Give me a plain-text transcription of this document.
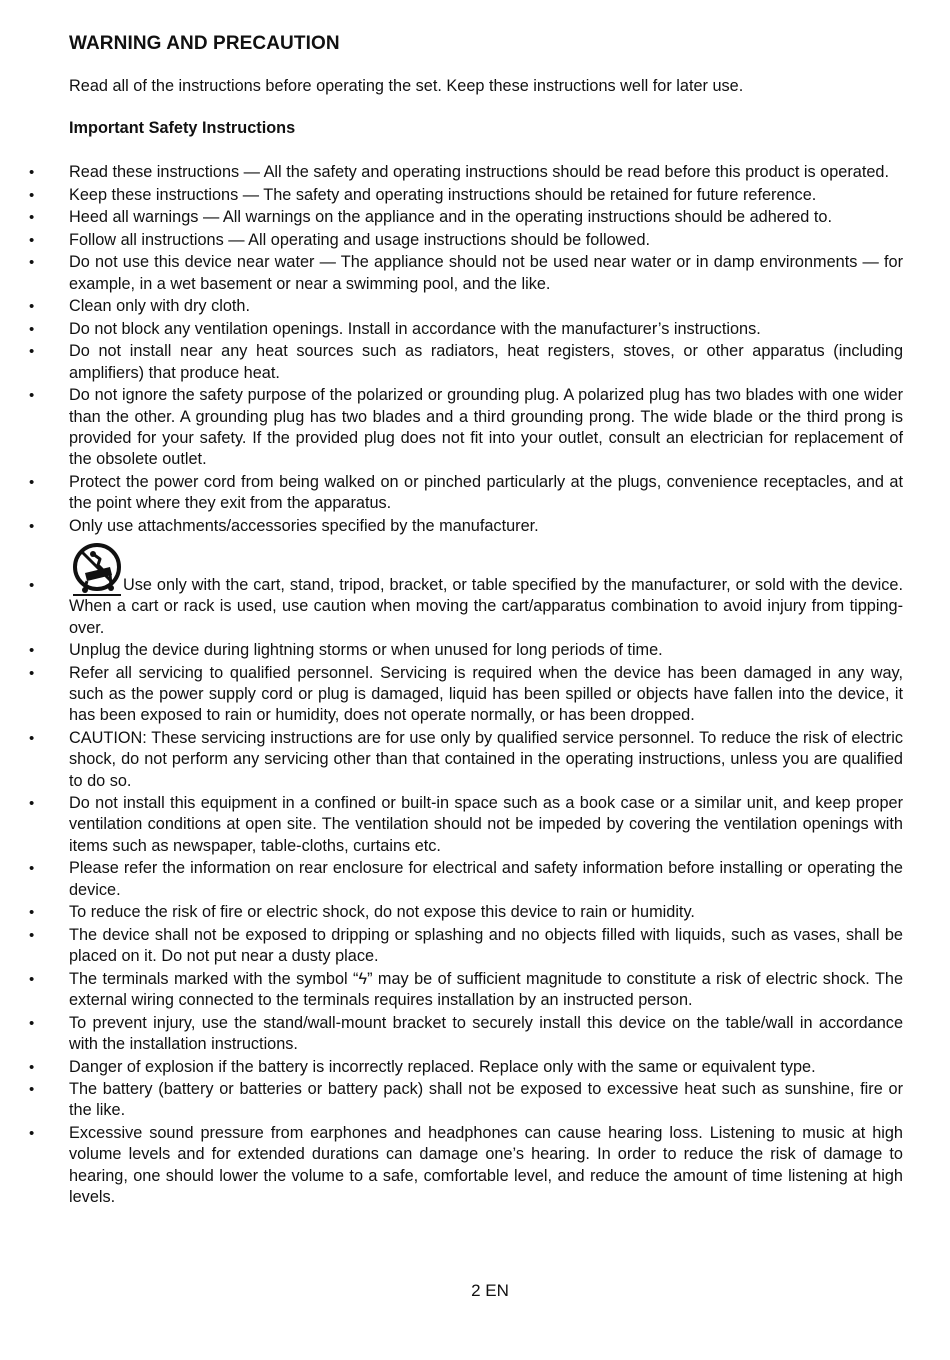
WARNING AND PRECAUTION

Read all of the instructions before operating the set. Keep these instructions well for later use.

Important Safety Instructions

• Read these instructions — All the safety and operating instructions should be read before this product is operated.
• Keep these instructions — The safety and operating instructions should be retained for future reference.
• Heed all warnings — All warnings on the appliance and in the operating instructions should be adhered to.
• Follow all instructions — All operating and usage instructions should be followed.
• Do not use this device near water — The appliance should not be used near water or in damp environments — for example, in a wet basement or near a swimming pool, and the like.
• Clean only with dry cloth.
• Do not block any ventilation openings. Install in accordance with the manufacturer’s instructions.
• Do not install near any heat sources such as radiators, heat registers, stoves, or other apparatus (including amplifiers) that produce heat.
• Do not ignore the safety purpose of the polarized or grounding plug. A polarized plug has two blades with one wider than the other. A grounding plug has two blades and a third grounding prong. The wide blade or the third prong is provided for your safety. If the provided plug does not fit into your outlet, consult an electrician for replacement of the obsolete outlet.
• Protect the power cord from being walked on or pinched particularly at the plugs, convenience receptacles, and at the point where they exit from the apparatus.
• Only use attachments/accessories specified by the manufacturer.
•	Use only with the cart, stand, tripod, bracket, or table specified by the manufacturer, or sold with the device. When a cart or rack is used, use caution when moving the cart/apparatus combination to avoid injury from tipping-over.
• Unplug the device during lightning storms or when unused for long periods of time.
• Refer all servicing to qualified personnel. Servicing is required when the device has been damaged in any way, such as the power supply cord or plug is damaged, liquid has been spilled or objects have fallen into the device, it has been exposed to rain or humidity, does not operate normally, or has been dropped.
• CAUTION: These servicing instructions are for use only by qualified service personnel. To reduce the risk of electric shock, do not perform any servicing other than that contained in the operating instructions, unless you are qualified to do so.
• Do not install this equipment in a confined or built-in space such as a book case or a similar unit, and keep proper ventilation conditions at open site. The ventilation should not be impeded by covering the ventilation openings with items such as newspaper, table-cloths, curtains etc.
• Please refer the information on rear enclosure for electrical and safety information before installing or operating the device.
• To reduce the risk of fire or electric shock, do not expose this device to rain or humidity.
• The device shall not be exposed to dripping or splashing and no objects filled with liquids, such as vases, shall be placed on it. Do not put near a dusty place.
• The terminals marked with the symbol “ϟ” may be of sufficient magnitude to constitute a risk of electric shock. The external wiring connected to the terminals requires installation by an instructed person.
• To prevent injury, use the stand/wall-mount bracket to securely install this device on the table/wall in accordance with the installation instructions.
• Danger of explosion if the battery is incorrectly replaced. Replace only with the same or equivalent type.
• The battery (battery or batteries or battery pack) shall not be exposed to excessive heat such as sunshine, fire or the like.
• Excessive sound pressure from earphones and headphones can cause hearing loss. Listening to music at high volume levels and for extended durations can damage one’s hearing. In order to reduce the risk of damage to hearing, one should lower the volume to a safe, comfortable level, and reduce the amount of time listening at high levels.

2 EN
